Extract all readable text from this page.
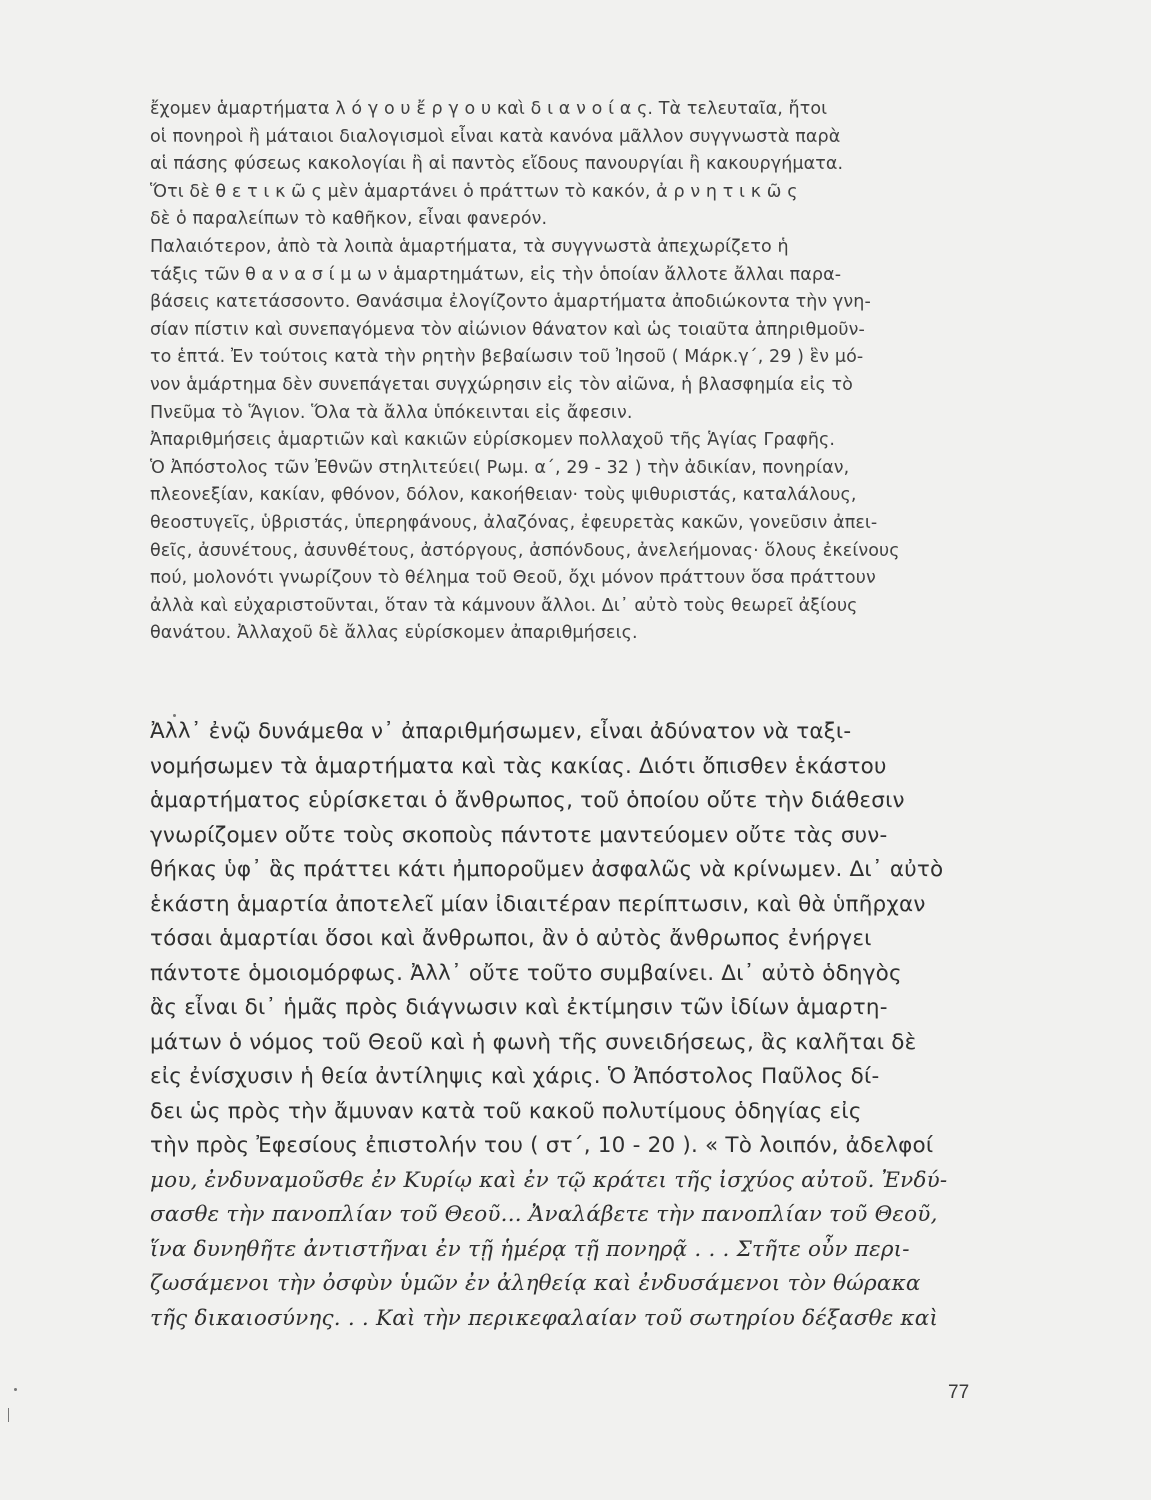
ἔχομεν ἁμαρτήματα λ ό γ ο υ ἔ ρ γ ο υ καὶ δ ι α ν ο ί α ς. Τὰ τελευταῖα, ἤτοι
οἱ πονηροὶ ἢ μάταιοι διαλογισμοὶ εἶναι κατὰ κανόνα μᾶλλον συγγνωστὰ παρὰ
αἱ πάσης φύσεως κακολογίαι ἢ αἱ παντὸς εἴδους πανουργίαι ἢ κακουργήματα.
Ὅτι δὲ θ ε τ ι κ ῶ ς μὲν ἁμαρτάνει ὁ πράττων τὸ κακόν, ἀ ρ ν η τ ι κ ῶ ς
δὲ ὁ παραλείπων τὸ καθῆκον, εἶναι φανερόν.
Παλαιότερον, ἀπὸ τὰ λοιπὰ ἁμαρτήματα, τὰ συγγνωστὰ ἀπεχωρίζετο ἡ
τάξις τῶν θ α ν α σ ί μ ω ν ἁμαρτημάτων, εἰς τὴν ὁποίαν ἄλλοτε ἄλλαι παρα-
βάσεις κατετάσσοντο. Θανάσιμα ἐλογίζοντο ἁμαρτήματα ἀποδιώκοντα τὴν γνη-
σίαν πίστιν καὶ συνεπαγόμενα τὸν αἰώνιον θάνατον καὶ ὡς τοιαῦτα ἀπηριθμοῦν-
το ἑπτά. Ἐν τούτοις κατὰ τὴν ρητὴν βεβαίωσιν τοῦ Ἰησοῦ ( Μάρκ.γ΄, 29 ) ἓν μό-
νον ἁμάρτημα δὲν συνεπάγεται συγχώρησιν εἰς τὸν αἰῶνα, ἡ βλασφημία εἰς τὸ
Πνεῦμα τὸ Ἅγιον. Ὅλα τὰ ἄλλα ὑπόκεινται εἰς ἄφεσιν.
Ἀπαριθμήσεις ἁμαρτιῶν καὶ κακιῶν εὑρίσκομεν πολλαχοῦ τῆς Ἁγίας Γραφῆς.
Ὁ Ἀπόστολος τῶν Ἐθνῶν στηλιτεύει( Ρωμ. α΄, 29 - 32 ) τὴν ἀδικίαν, πονηρίαν,
πλεονεξίαν, κακίαν, φθόνον, δόλον, κακοήθειαν· τοὺς ψιθυριστάς, καταλάλους,
θεοστυγεῖς, ὑβριστάς, ὑπερηφάνους, ἀλαζόνας, ἐφευρετὰς κακῶν, γονεῦσιν ἀπει-
θεῖς, ἀσυνέτους, ἀσυνθέτους, ἀστόργους, ἀσπόνδους, ἀνελεήμονας· ὅλους ἐκείνους
πού, μολονότι γνωρίζουν τὸ θέλημα τοῦ Θεοῦ, ὄχι μόνον πράττουν ὅσα πράττουν
ἀλλὰ καὶ εὐχαριστοῦνται, ὅταν τὰ κάμνουν ἄλλοι. Δι᾽ αὐτὸ τοὺς θεωρεῖ ἀξίους
θανάτου. Ἀλλαχοῦ δὲ ἄλλας εὑρίσκομεν ἀπαριθμήσεις.
Ἀλλ᾽ ἐνῷ δυνάμεθα ν᾽ ἀπαριθμήσωμεν, εἶναι ἀδύνατον νὰ ταξι-
νομήσωμεν τὰ ἁμαρτήματα καὶ τὰς κακίας. Διότι ὄπισθεν ἑκάστου
ἁμαρτήματος εὑρίσκεται ὁ ἄνθρωπος, τοῦ ὁποίου οὔτε τὴν διάθεσιν
γνωρίζομεν οὔτε τοὺς σκοποὺς πάντοτε μαντεύομεν οὔτε τὰς συν-
θήκας ὑφ᾽ ἃς πράττει κάτι ἠμποροῦμεν ἀσφαλῶς νὰ κρίνωμεν. Δι᾽ αὐτὸ
ἑκάστη ἁμαρτία ἀποτελεῖ μίαν ἰδιαιτέραν περίπτωσιν, καὶ θὰ ὑπῆρχαν
τόσαι ἁμαρτίαι ὅσοι καὶ ἄνθρωποι, ἂν ὁ αὐτὸς ἄνθρωπος ἐνήργει
πάντοτε ὁμοιομόρφως. Ἀλλ᾽ οὔτε τοῦτο συμβαίνει. Δι᾽ αὐτὸ ὁδηγὸς
ἂς εἶναι δι᾽ ἡμᾶς πρὸς διάγνωσιν καὶ ἐκτίμησιν τῶν ἰδίων ἁμαρτη-
μάτων ὁ νόμος τοῦ Θεοῦ καὶ ἡ φωνὴ τῆς συνειδήσεως, ἂς καλῆται δὲ
εἰς ἐνίσχυσιν ἡ θεία ἀντίληψις καὶ χάρις. Ὁ Ἀπόστολος Παῦλος δί-
δει ὡς πρὸς τὴν ἄμυναν κατὰ τοῦ κακοῦ πολυτίμους ὁδηγίας εἰς
τὴν πρὸς Ἐφεσίους ἐπιστολήν του ( στ΄, 10 - 20 ). « Τὸ λοιπόν, ἀδελφοί
μου, ἐνδυναμοῦσθε ἐν Κυρίῳ καὶ ἐν τῷ κράτει τῆς ἰσχύος αὐτοῦ. Ἐνδύ-
σασθε τὴν πανοπλίαν τοῦ Θεοῦ... Ἀναλάβετε τὴν πανοπλίαν τοῦ Θεοῦ,
ἵνα δυνηθῆτε ἀντιστῆναι ἐν τῇ ἡμέρᾳ τῇ πονηρᾷ . . . Στῆτε οὖν περι-
ζωσάμενοι τὴν ὀσφὺν ὑμῶν ἐν ἀληθείᾳ καὶ ἐνδυσάμενοι τὸν θώρακα
τῆς δικαιοσύνης. . . Καὶ τὴν περικεφαλαίαν τοῦ σωτηρίου δέξασθε καὶ
77
